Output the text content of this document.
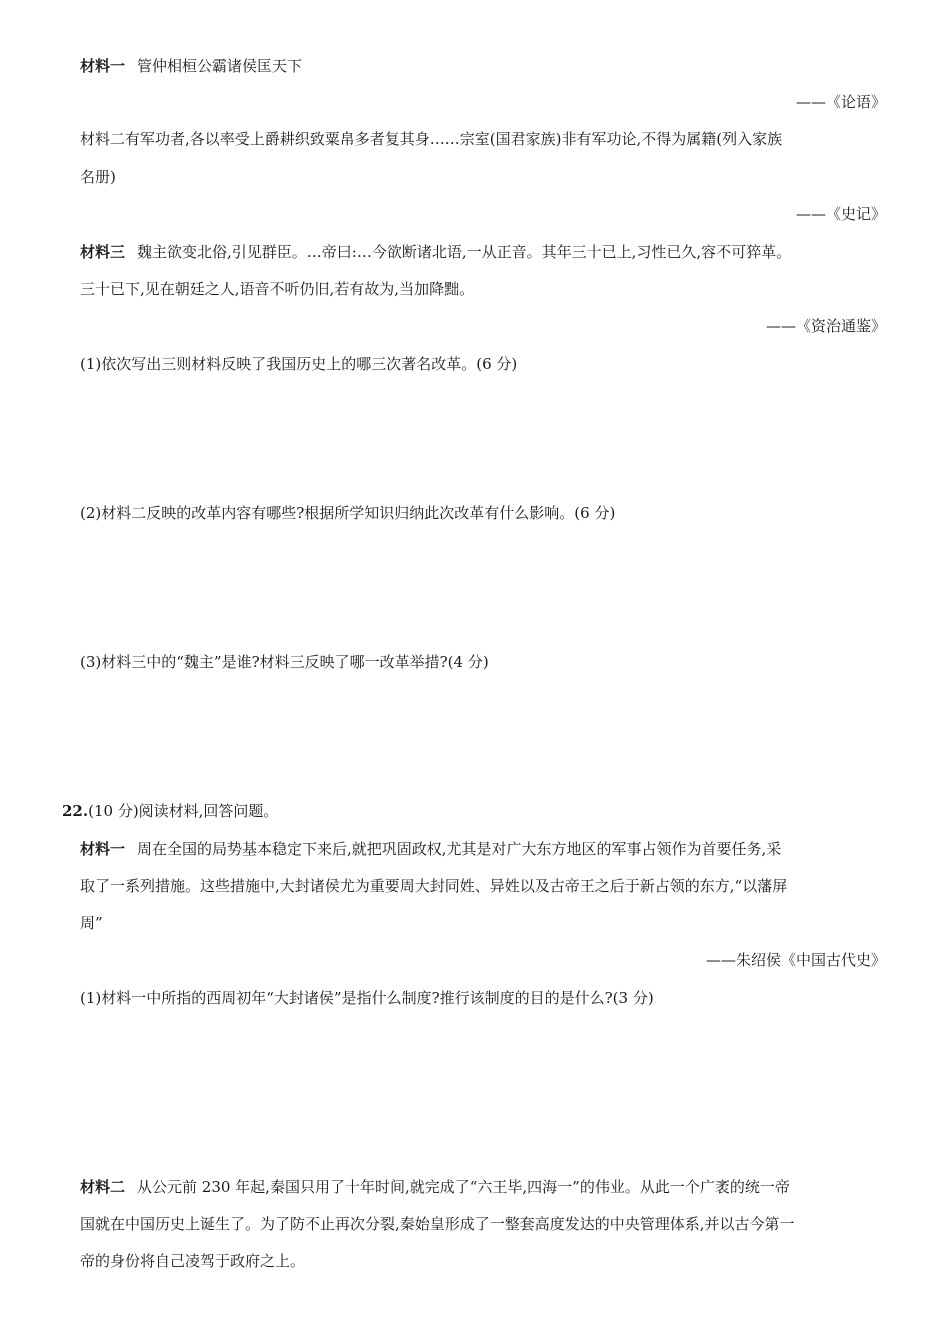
材料一 管仲相桓公霸诸侯匡天下
——《论语》
材料二有军功者,各以率受上爵耕织致粟帛多者复其身……宗室(国君家族)非有军功论,不得为属籍(列入家族
名册)
——《史记》
材料三 魏主欲变北俗,引见群臣。…帝曰:…今欲断诸北语,一从正音。其年三十已上,习性已久,容不可猝革。
三十已下,见在朝廷之人,语音不听仍旧,若有故为,当加降黜。
——《资治通鉴》
(1)依次写出三则材料反映了我国历史上的哪三次著名改革。(6 分)
(2)材料二反映的改革内容有哪些?根据所学知识归纳此次改革有什么影响。(6 分)
(3)材料三中的“魏主”是谁?材料三反映了哪一改革举措?(4 分)
22.(10 分)阅读材料,回答问题。
材料一 周在全国的局势基本稳定下来后,就把巩固政权,尤其是对广大东方地区的军事占领作为首要任务,采
取了一系列措施。这些措施中,大封诸侯尤为重要周大封同姓、异姓以及古帝王之后于新占领的东方,“以藩屏
周”
——朱绍侯《中国古代史》
(1)材料一中所指的西周初年“大封诸侯”是指什么制度?推行该制度的目的是什么?(3 分)
材料二 从公元前 230 年起,秦国只用了十年时间,就完成了“六王毕,四海一”的伟业。从此一个广袤的统一帝
国就在中国历史上诞生了。为了防不止再次分裂,秦始皇形成了一整套高度发达的中央管理体系,并以古今第一
帝的身份将自己凌驾于政府之上。
